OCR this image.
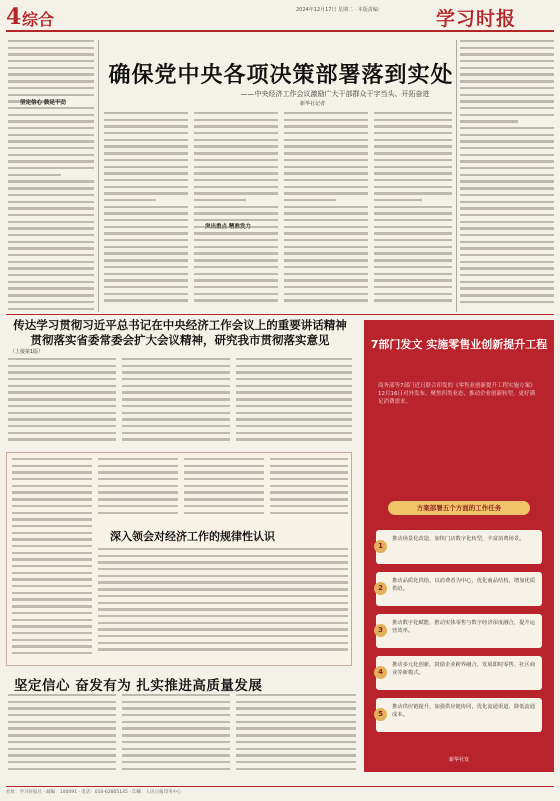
4 综合	2024年12月17日 星期二 · 本版责编：	学习时报
坚定信心 鼓足干劲
确保党中央各项决策部署落到实处
——中央经济工作会议激励广大干部群众干字当头、开拓奋进
新华社记者
传达学习贯彻习近平总书记在中央经济工作会议上的重要讲话精神 贯彻落实省委常委会扩大会议精神，研究我市贯彻落实意见
（上接第1版）
深入领会对经济工作的规律性认识
坚定信心 奋发有为 扎实推进高质量发展
7部门发文 实施零售业创新提升工程
商务部等7部门近日联合印发的《零售业创新提升工程实施方案》12月16日对外发布。聚焦四类业态，推动企业创新转型，更好满足消费需求。
方案部署五个方面的工作任务
1
推动场景化改造，加快门店数字化转型，丰富消费场景。
2
推动品质化供给，以消费者为中心，优化商品结构，增加优质供给。
3
推动数字化赋能，推动实体零售与数字经济深度融合，提升运营效率。
4
推动多元化创新，鼓励企业跨界融合，发展即时零售、社区商业等新模式。
5
推动供应链提升，加强供应链协同，优化流通渠道，降低流通成本。
新华社发
社址：学习时报社 · 邮编：100091 · 电话：010-62805145 · 印刷：人民日报印务中心
